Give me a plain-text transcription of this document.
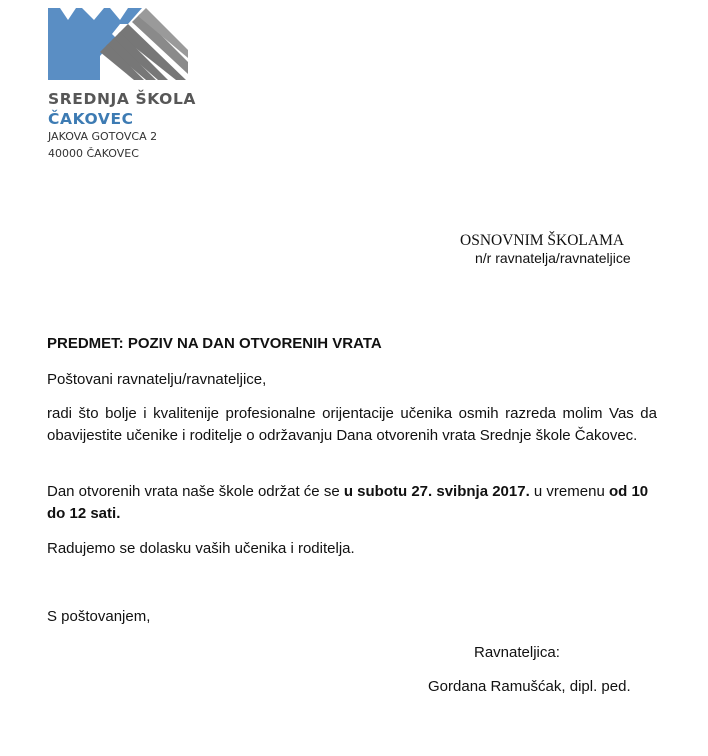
SREDNJA ŠKOLA

ČAKOVEC

JAKOVA GOTOVCA 2

40000 ČAKOVEC

OSNOVNIM ŠKOLAMA

n/r ravnatelja/ravnateljice

PREDMET: POZIV NA DAN OTVORENIH VRATA

Poštovani ravnatelju/ravnateljice,

radi što bolje i kvalitenije profesionalne orijentacije učenika osmih razreda molim Vas da obavijestite učenike i roditelje o održavanju Dana otvorenih vrata Srednje škole Čakovec.

Dan otvorenih vrata naše škole održat će se u subotu 27. svibnja 2017. u vremenu od 10 do 12 sati.

Radujemo se dolasku vaših učenika i roditelja.

S poštovanjem,

Ravnateljica:

Gordana Ramušćak, dipl. ped.
